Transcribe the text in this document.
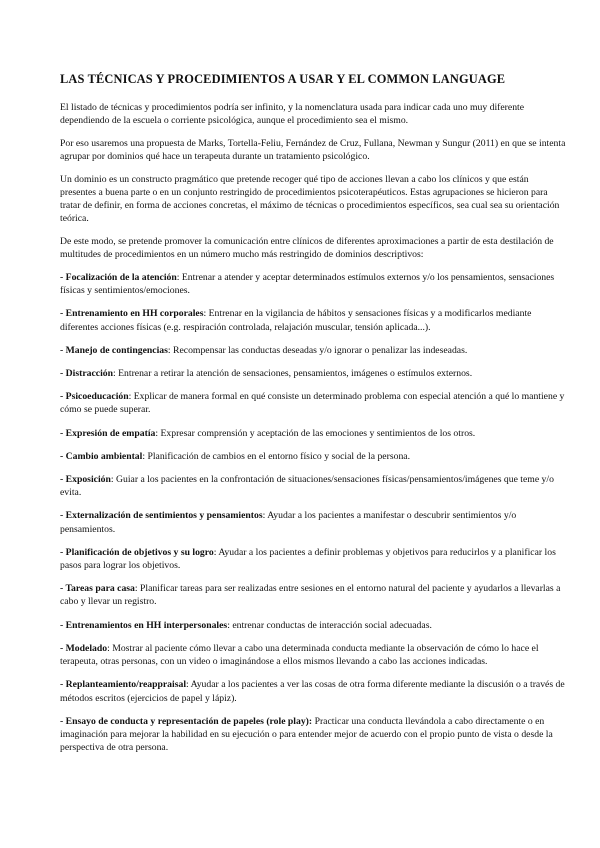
LAS TÉCNICAS Y PROCEDIMIENTOS A USAR Y EL COMMON LANGUAGE

El listado de técnicas y procedimientos podría ser infinito, y la nomenclatura usada para indicar cada uno muy diferente dependiendo de la escuela o corriente psicológica, aunque el procedimiento sea el mismo.

Por eso usaremos una propuesta de Marks, Tortella-Feliu, Fernández de Cruz, Fullana, Newman y Sungur (2011) en que se intenta agrupar por dominios qué hace un terapeuta durante un tratamiento psicológico.

Un dominio es un constructo pragmático que pretende recoger qué tipo de acciones llevan a cabo los clínicos y que están presentes a buena parte o en un conjunto restringido de procedimientos psicoterapéuticos. Estas agrupaciones se hicieron para tratar de definir, en forma de acciones concretas, el máximo de técnicas o procedimientos específicos, sea cual sea su orientación teórica.

De este modo, se pretende promover la comunicación entre clínicos de diferentes aproximaciones a partir de esta destilación de multitudes de procedimientos en un número mucho más restringido de dominios descriptivos:

- Focalización de la atención: Entrenar a atender y aceptar determinados estímulos externos y/o los pensamientos, sensaciones físicas y sentimientos/emociones.

- Entrenamiento en HH corporales: Entrenar en la vigilancia de hábitos y sensaciones físicas y a modificarlos mediante diferentes acciones físicas (e.g. respiración controlada, relajación muscular, tensión aplicada...).

- Manejo de contingencias: Recompensar las conductas deseadas y/o ignorar o penalizar las indeseadas.

- Distracción: Entrenar a retirar la atención de sensaciones, pensamientos, imágenes o estímulos externos.

- Psicoeducación: Explicar de manera formal en qué consiste un determinado problema con especial atención a qué lo mantiene y cómo se puede superar.

- Expresión de empatía: Expresar comprensión y aceptación de las emociones y sentimientos de los otros.

- Cambio ambiental: Planificación de cambios en el entorno físico y social de la persona.

- Exposición: Guiar a los pacientes en la confrontación de situaciones/sensaciones físicas/pensamientos/imágenes que teme y/o evita.

- Externalización de sentimientos y pensamientos: Ayudar a los pacientes a manifestar o descubrir sentimientos y/o pensamientos.

- Planificación de objetivos y su logro: Ayudar a los pacientes a definir problemas y objetivos para reducirlos y a planificar los pasos para lograr los objetivos.

- Tareas para casa: Planificar tareas para ser realizadas entre sesiones en el entorno natural del paciente y ayudarlos a llevarlas a cabo y llevar un registro.

- Entrenamientos en HH interpersonales: entrenar conductas de interacción social adecuadas.

- Modelado: Mostrar al paciente cómo llevar a cabo una determinada conducta mediante la observación de cómo lo hace el terapeuta, otras personas, con un video o imaginándose a ellos mismos llevando a cabo las acciones indicadas.

- Replanteamiento/reappraisal: Ayudar a los pacientes a ver las cosas de otra forma diferente mediante la discusión o a través de métodos escritos (ejercicios de papel y lápiz).

- Ensayo de conducta y representación de papeles (role play): Practicar una conducta llevándola a cabo directamente o en imaginación para mejorar la habilidad en su ejecución o para entender mejor de acuerdo con el propio punto de vista o desde la perspectiva de otra persona.
